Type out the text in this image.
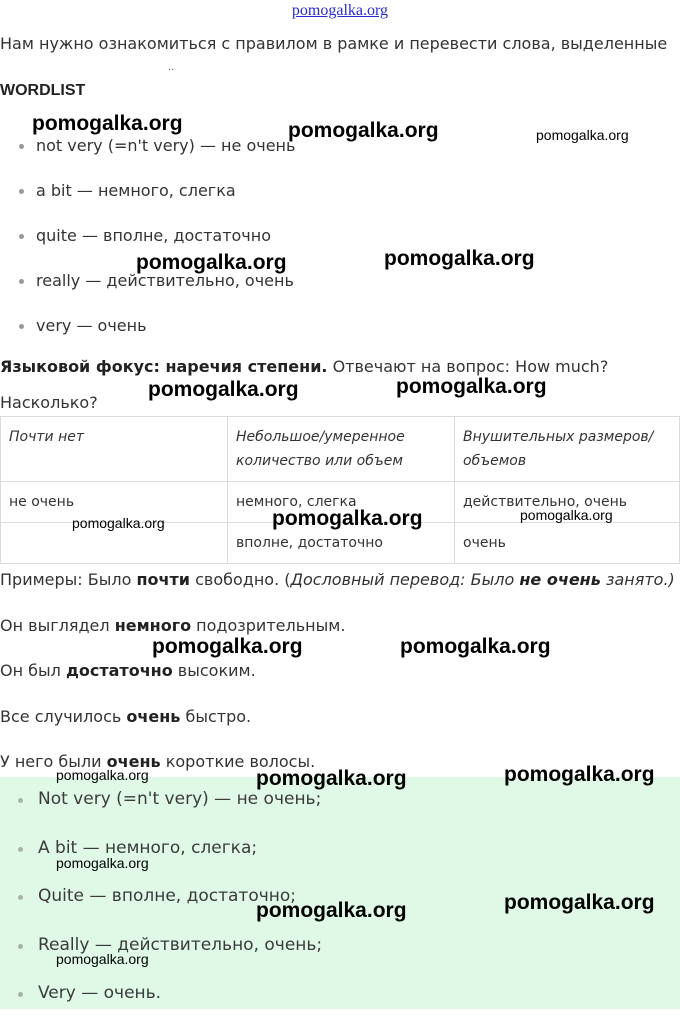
pomogalka.org
Нам нужно ознакомиться с правилом в рамке и перевести слова, выделенные
..
WORDLIST
not very (=n't very) — не очень
a bit — немного, слегка
quite — вполне, достаточно
really — действительно, очень
very — очень
Языковой фокус: наречия степени. Отвечают на вопрос: How much?
Насколько?
Почти нет	Небольшое/умеренное количество или объем	Внушительных размеров/ объемов
не очень	немного, слегка	действительно, очень
	вполне, достаточно	очень

Примеры: Было почти свободно. (Дословный перевод: Было не очень занято.)

Он выглядел немного подозрительным.

Он был достаточно высоким.

Все случилось очень быстро.

У него были очень короткие волосы.

Not very (=n't very) — не очень;
A bit — немного, слегка;
Quite — вполне, достаточно;
Really — действительно, очень;
Very — очень.
pomogalka.org	pomogalka.org	pomogalka.org
pomogalka.org	pomogalka.org
pomogalka.org	pomogalka.org
pomogalka.org	pomogalka.org	pomogalka.org
pomogalka.org	pomogalka.org
pomogalka.org	pomogalka.org	pomogalka.org
pomogalka.org
pomogalka.org	pomogalka.org
pomogalka.org
